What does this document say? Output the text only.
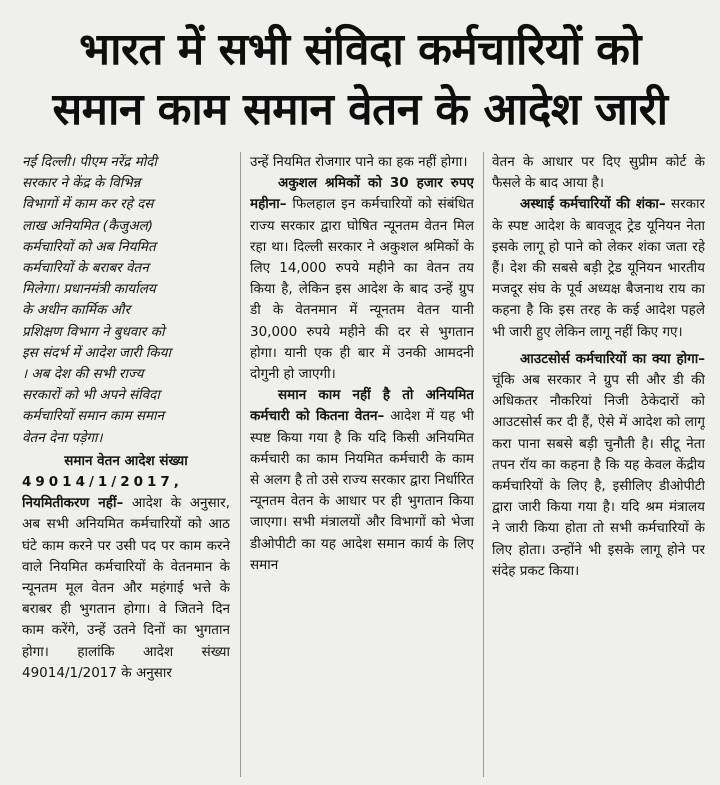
भारत में सभी संविदा कर्मचारियों को
समान काम समान वेतन के आदेश जारी
नई दिल्ली। पीएम नरेंद्र मोदी
सरकार ने केंद्र के विभिन्न
विभागों में काम कर रहे दस
लाख अनियमित (कैजुअल)
कर्मचारियों को अब नियमित
कर्मचारियों के बराबर वेतन
मिलेगा। प्रधानमंत्री कार्यालय
के अधीन कार्मिक और
प्रशिक्षण विभाग ने बुधवार को
इस संदर्भ में आदेश जारी किया
। अब देश की सभी राज्य
सरकारों को भी अपने संविदा
कर्मचारियों समान काम समान
वेतन देना पड़ेगा।

समान वेतन आदेश संख्या

49014/1/2017,

नियमितीकरण नहीं– आदेश के अनुसार, अब सभी अनियमित कर्मचारियों को आठ घंटे काम करने पर उसी पद पर काम करने वाले नियमित कर्मचारियों के वेतनमान के न्यूनतम मूल वेतन और महंगाई भत्ते के बराबर ही भुगतान होगा। वे जितने दिन काम करेंगे, उन्हें उतने दिनों का भुगतान होगा। हालांकि आदेश संख्या 49014/1/2017 के अनुसार

उन्हें नियमित रोजगार पाने का हक नहीं होगा।

अकुशल श्रमिकों को 30 हजार रुपए महीना– फिलहाल इन कर्मचारियों को संबंधित राज्य सरकार द्वारा घोषित न्यूनतम वेतन मिल रहा था। दिल्ली सरकार ने अकुशल श्रमिकों के लिए 14,000 रुपये महीने का वेतन तय किया है, लेकिन इस आदेश के बाद उन्हें ग्रुप डी के वेतनमान में न्यूनतम वेतन यानी 30,000 रुपये महीने की दर से भुगतान होगा। यानी एक ही बार में उनकी आमदनी दोगुनी हो जाएगी।

समान काम नहीं है तो अनियमित कर्मचारी को कितना वेतन– आदेश में यह भी स्पष्ट किया गया है कि यदि किसी अनियमित कर्मचारी का काम नियमित कर्मचारी के काम से अलग है तो उसे राज्य सरकार द्वारा निर्धारित न्यूनतम वेतन के आधार पर ही भुगतान किया जाएगा। सभी मंत्रालयों और विभागों को भेजा डीओपीटी का यह आदेश समान कार्य के लिए समान

वेतन के आधार पर दिए सुप्रीम कोर्ट के फैसले के बाद आया है।

अस्थाई कर्मचारियों की शंका– सरकार के स्पष्ट आदेश के बावजूद ट्रेड यूनियन नेता इसके लागू हो पाने को लेकर शंका जता रहे हैं। देश की सबसे बड़ी ट्रेड यूनियन भारतीय मजदूर संघ के पूर्व अध्यक्ष बैजनाथ राय का कहना है कि इस तरह के कई आदेश पहले भी जारी हुए लेकिन लागू नहीं किए गए।

आउटसोर्स कर्मचारियों का क्या होगा– चूंकि अब सरकार ने ग्रुप सी और डी की अधिकतर नौकरियां निजी ठेकेदारों को आउटसोर्स कर दी हैं, ऐसे में आदेश को लागू करा पाना सबसे बड़ी चुनौती है। सीटू नेता तपन रॉय का कहना है कि यह केवल केंद्रीय कर्मचारियों के लिए है, इसीलिए डीओपीटी द्वारा जारी किया गया है। यदि श्रम मंत्रालय ने जारी किया होता तो सभी कर्मचारियों के लिए होता। उन्होंने भी इसके लागू होने पर संदेह प्रकट किया।
